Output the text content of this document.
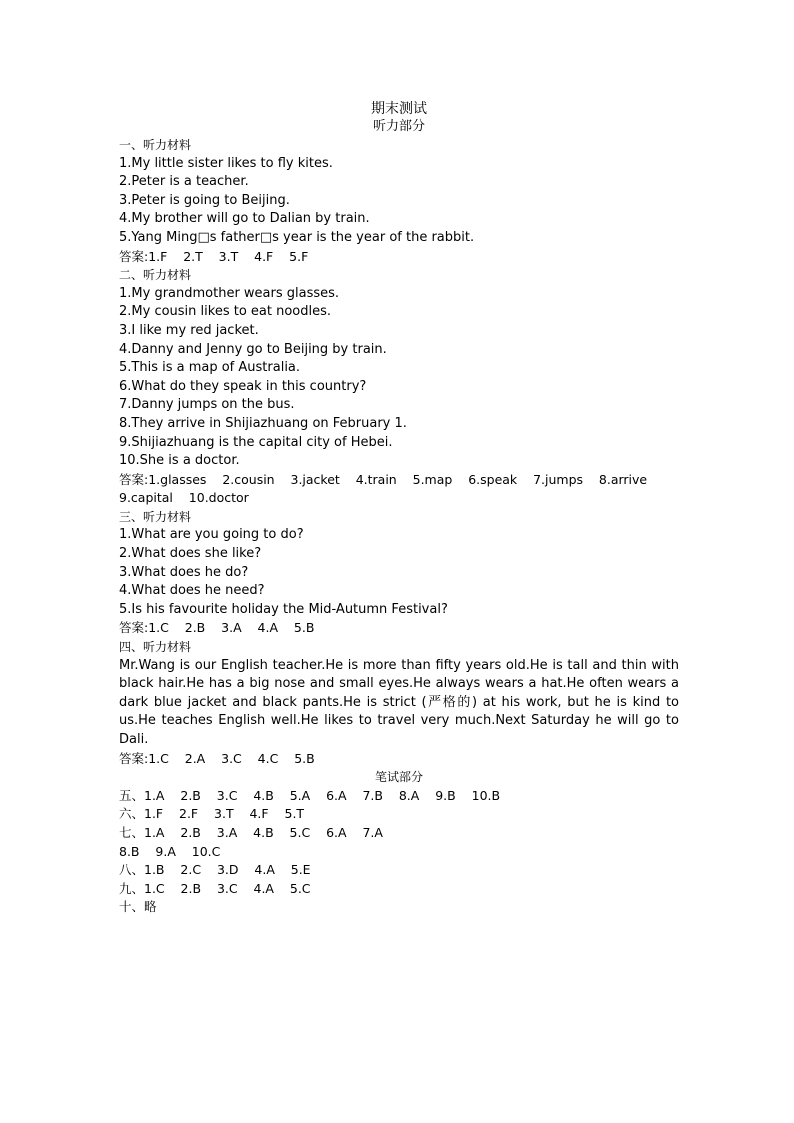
期末测试

听力部分

一、听力材料

1.My little sister likes to fly kites.

2.Peter is a teacher.

3.Peter is going to Beijing.

4.My brother will go to Dalian by train.

5.Yang Ming□s father□s year is the year of the rabbit.

答案:1.F    2.T    3.T    4.F    5.F

二、听力材料

1.My grandmother wears glasses.

2.My cousin likes to eat noodles.

3.I like my red jacket.

4.Danny and Jenny go to Beijing by train.

5.This is a map of Australia.

6.What do they speak in this country?

7.Danny jumps on the bus.

8.They arrive in Shijiazhuang on February 1.

9.Shijiazhuang is the capital city of Hebei.

10.She is a doctor.

答案:1.glasses    2.cousin    3.jacket    4.train    5.map    6.speak    7.jumps    8.arrive

9.capital    10.doctor

三、听力材料

1.What are you going to do?

2.What does she like?

3.What does he do?

4.What does he need?

5.Is his favourite holiday the Mid-Autumn Festival?

答案:1.C    2.B    3.A    4.A    5.B

四、听力材料

Mr.Wang is our English teacher.He is more than fifty years old.He is tall and thin with black hair.He has a big nose and small eyes.He always wears a hat.He often wears a dark blue jacket and black pants.He is strict (严格的) at his work, but he is kind to us.He teaches English well.He likes to travel very much.Next Saturday he will go to Dali.

答案:1.C    2.A    3.C    4.C    5.B

笔试部分

五、1.A    2.B    3.C    4.B    5.A    6.A    7.B    8.A    9.B    10.B

六、1.F    2.F    3.T    4.F    5.T

七、1.A    2.B    3.A    4.B    5.C    6.A    7.A

8.B    9.A    10.C

八、1.B    2.C    3.D    4.A    5.E

九、1.C    2.B    3.C    4.A    5.C

十、略
